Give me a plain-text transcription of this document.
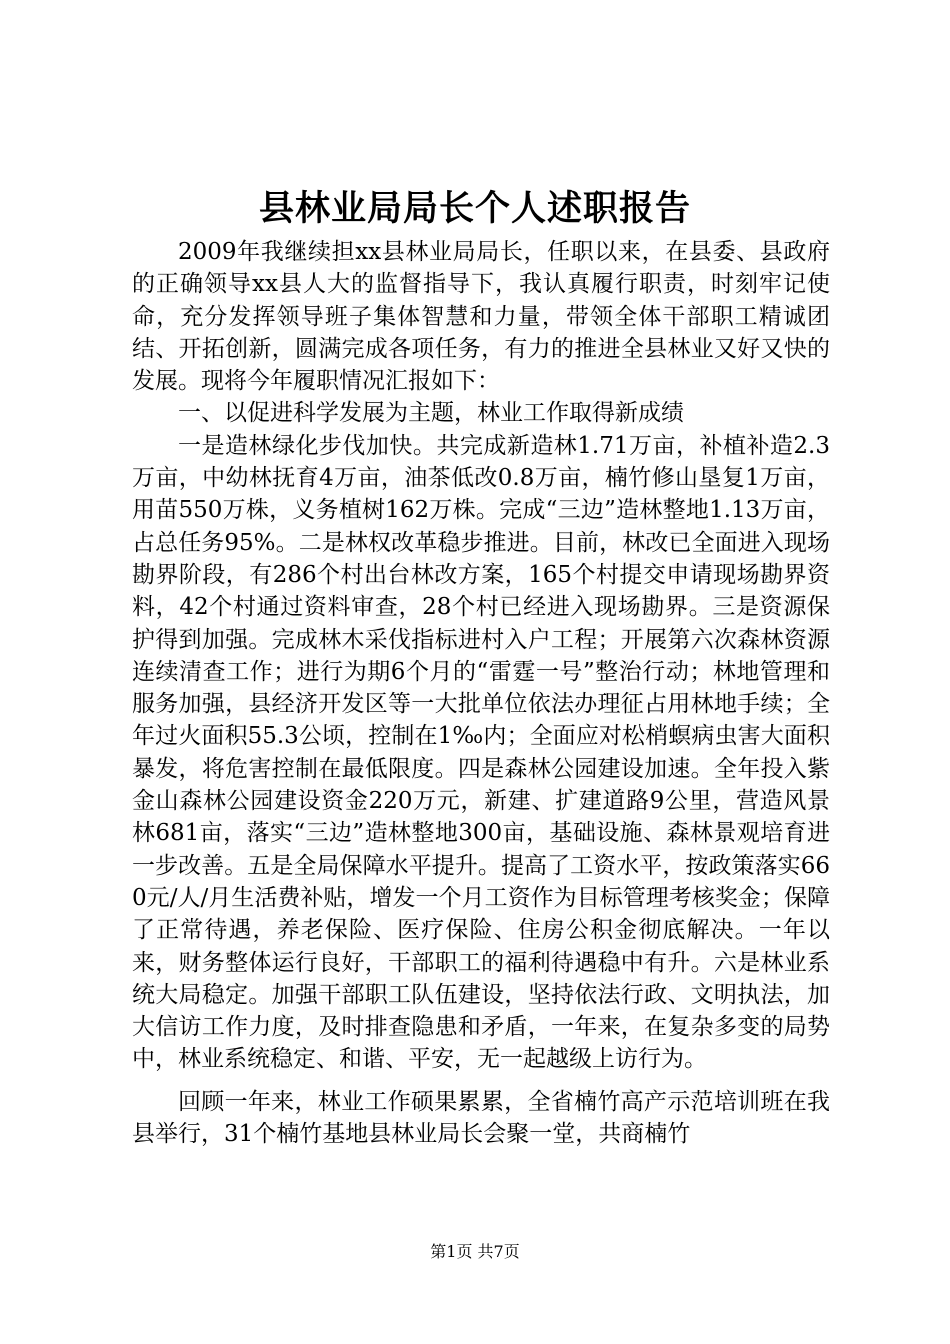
县林业局局长个人述职报告

2009年我继续担xx县林业局局长，任职以来，在县委、县政府的正确领导xx县人大的监督指导下，我认真履行职责，时刻牢记使命，充分发挥领导班子集体智慧和力量，带领全体干部职工精诚团结、开拓创新，圆满完成各项任务，有力的推进全县林业又好又快的发展。现将今年履职情况汇报如下：

一、以促进科学发展为主题，林业工作取得新成绩

一是造林绿化步伐加快。共完成新造林1.71万亩，补植补造2.3万亩，中幼林抚育4万亩，油茶低改0.8万亩，楠竹修山垦复1万亩，用苗550万株，义务植树162万株。完成“三边”造林整地1.13万亩，占总任务95%。二是林权改革稳步推进。目前，林改已全面进入现场勘界阶段，有286个村出台林改方案，165个村提交申请现场勘界资料，42个村通过资料审查，28个村已经进入现场勘界。三是资源保护得到加强。完成林木采伐指标进村入户工程；开展第六次森林资源连续清查工作；进行为期6个月的“雷霆一号”整治行动；林地管理和服务加强，县经济开发区等一大批单位依法办理征占用林地手续；全年过火面积55.3公顷，控制在1‰内；全面应对松梢螟病虫害大面积暴发，将危害控制在最低限度。四是森林公园建设加速。全年投入紫金山森林公园建设资金220万元，新建、扩建道路9公里，营造风景林681亩，落实“三边”造林整地300亩，基础设施、森林景观培育进一步改善。五是全局保障水平提升。提高了工资水平，按政策落实660元/人/月生活费补贴，增发一个月工资作为目标管理考核奖金；保障了正常待遇，养老保险、医疗保险、住房公积金彻底解决。一年以来，财务整体运行良好，干部职工的福利待遇稳中有升。六是林业系统大局稳定。加强干部职工队伍建设，坚持依法行政、文明执法，加大信访工作力度，及时排查隐患和矛盾，一年来，在复杂多变的局势中，林业系统稳定、和谐、平安，无一起越级上访行为。

回顾一年来，林业工作硕果累累，全省楠竹高产示范培训班在我县举行，31个楠竹基地县林业局长会聚一堂，共商楠竹

第1页 共7页
